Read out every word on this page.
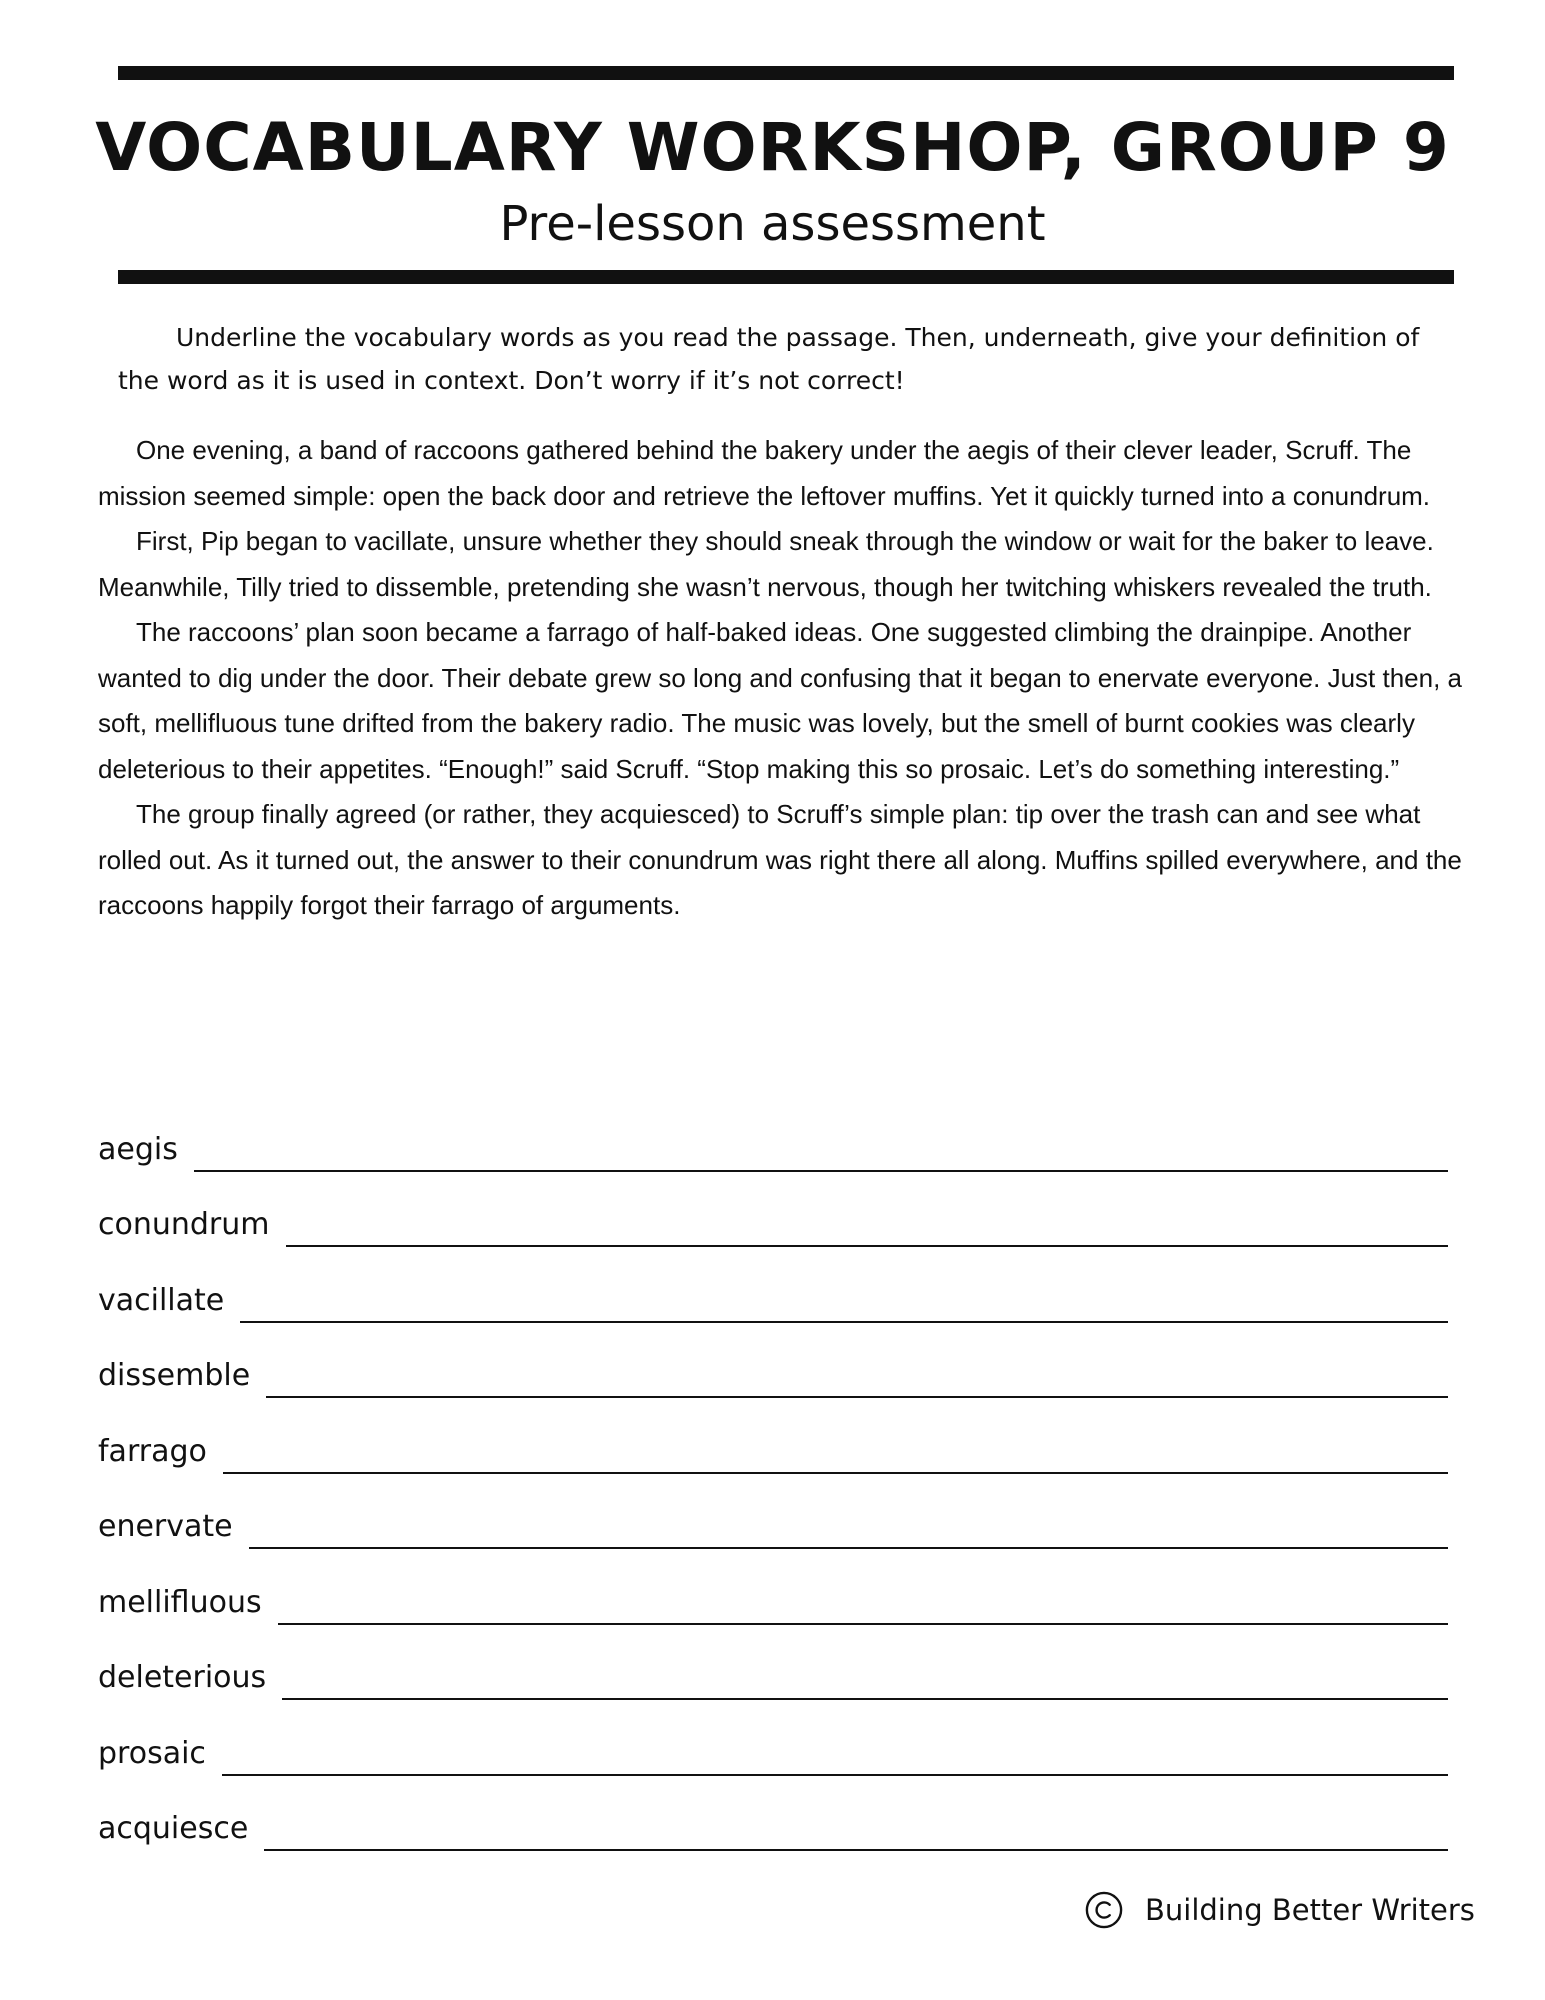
VOCABULARY WORKSHOP, GROUP 9
Pre-lesson assessment
Underline the vocabulary words as you read the passage. Then, underneath, give your definition of the word as it is used in context. Don’t worry if it’s not correct!

One evening, a band of raccoons gathered behind the bakery under the aegis of their clever leader, Scruff. The mission seemed simple: open the back door and retrieve the leftover muffins. Yet it quickly turned into a conundrum.

First, Pip began to vacillate, unsure whether they should sneak through the window or wait for the baker to leave. Meanwhile, Tilly tried to dissemble, pretending she wasn’t nervous, though her twitching whiskers revealed the truth.

The raccoons’ plan soon became a farrago of half-baked ideas. One suggested climbing the drainpipe. Another wanted to dig under the door. Their debate grew so long and confusing that it began to enervate everyone. Just then, a soft, mellifluous tune drifted from the bakery radio. The music was lovely, but the smell of burnt cookies was clearly deleterious to their appetites. “Enough!” said Scruff. “Stop making this so prosaic. Let’s do something interesting.”

The group finally agreed (or rather, they acquiesced) to Scruff’s simple plan: tip over the trash can and see what rolled out. As it turned out, the answer to their conundrum was right there all along. Muffins spilled everywhere, and the raccoons happily forgot their farrago of arguments.

aegis
conundrum
vacillate
dissemble
farrago
enervate
mellifluous
deleterious
prosaic
acquiesce
Building Better Writers
